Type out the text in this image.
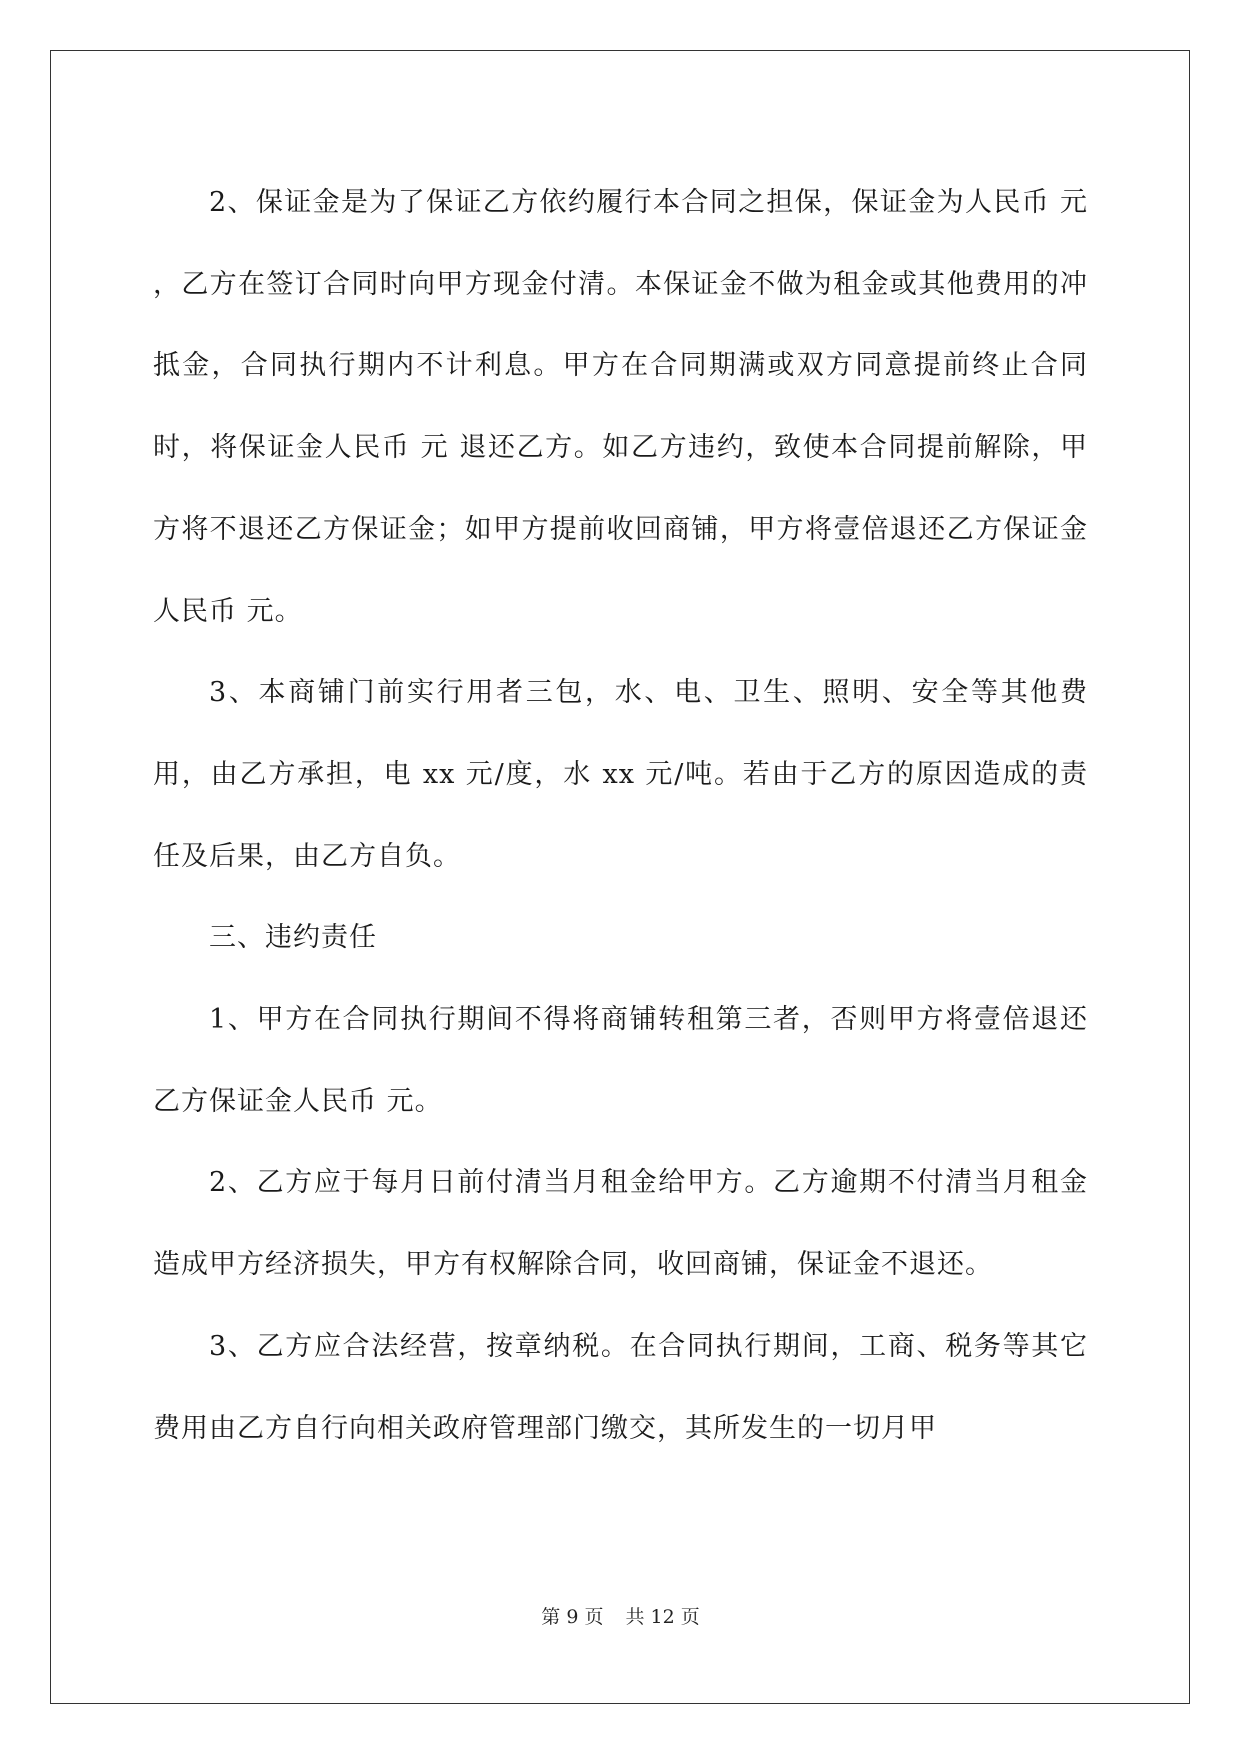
2、保证金是为了保证乙方依约履行本合同之担保，保证金为人民币 元 ，乙方在签订合同时向甲方现金付清。本保证金不做为租金或其他费用的冲抵金，合同执行期内不计利息。甲方在合同期满或双方同意提前终止合同时，将保证金人民币 元 退还乙方。如乙方违约，致使本合同提前解除，甲方将不退还乙方保证金；如甲方提前收回商铺，甲方将壹倍退还乙方保证金人民币 元。

3、本商铺门前实行用者三包，水、电、卫生、照明、安全等其他费用，由乙方承担，电 xx 元/度，水 xx 元/吨。若由于乙方的原因造成的责任及后果，由乙方自负。

三、违约责任

1、甲方在合同执行期间不得将商铺转租第三者，否则甲方将壹倍退还乙方保证金人民币 元。

2、乙方应于每月日前付清当月租金给甲方。乙方逾期不付清当月租金造成甲方经济损失，甲方有权解除合同，收回商铺，保证金不退还。

3、乙方应合法经营，按章纳税。在合同执行期间，工商、税务等其它费用由乙方自行向相关政府管理部门缴交，其所发生的一切月甲

第 9 页 共 12 页
